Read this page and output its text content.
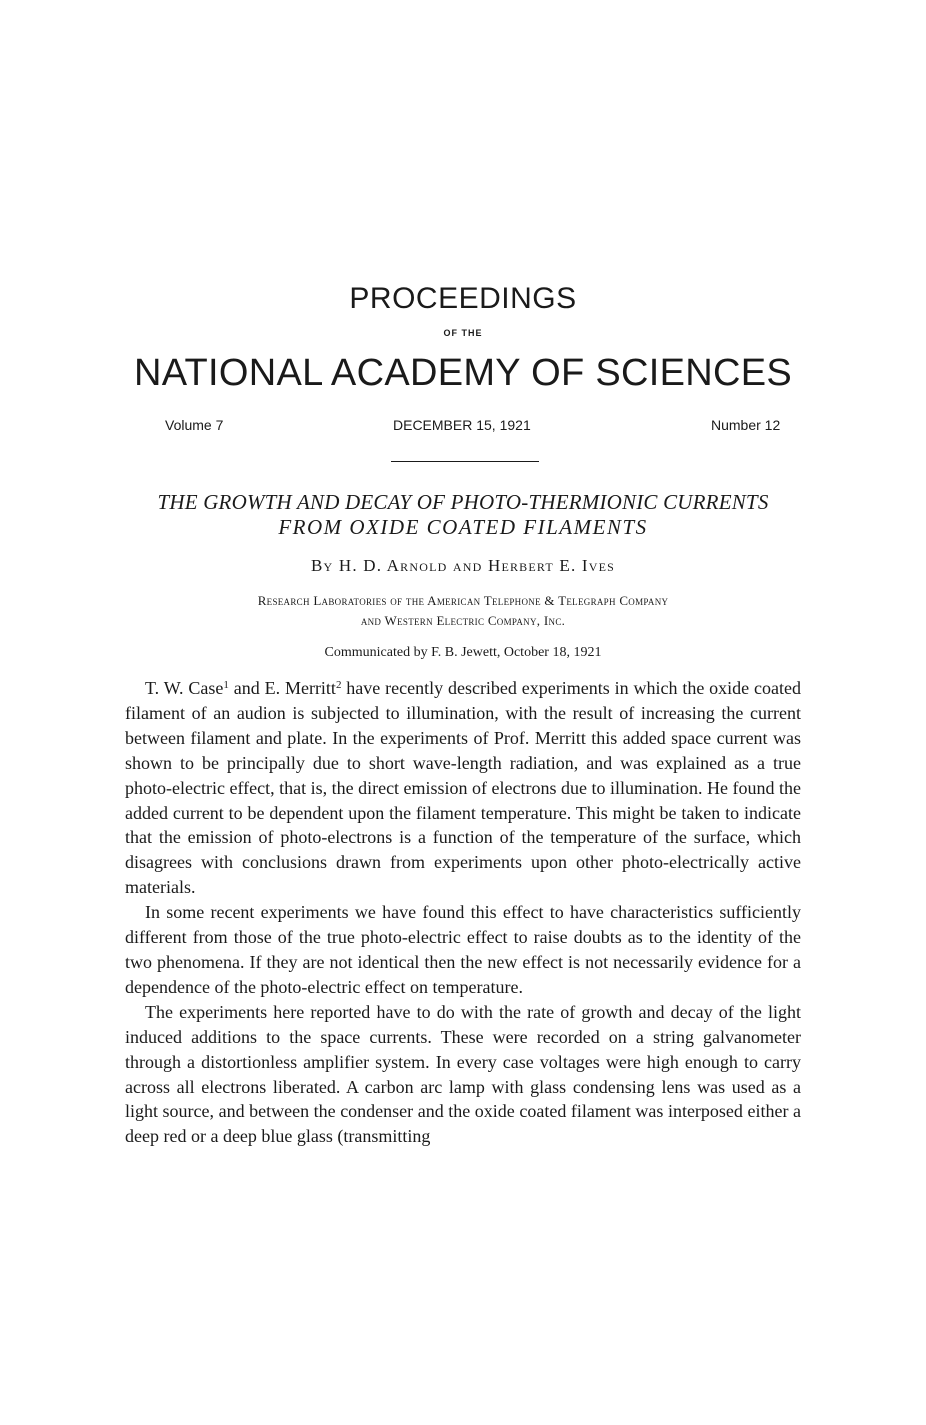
PROCEEDINGS
OF THE
NATIONAL ACADEMY OF SCIENCES
Volume 7	DECEMBER 15, 1921	Number 12
THE GROWTH AND DECAY OF PHOTO-THERMIONIC CURRENTS
FROM OXIDE COATED FILAMENTS
By H. D. Arnold and Herbert E. Ives
Research Laboratories of the American Telephone & Telegraph Company
and Western Electric Company, Inc.
Communicated by F. B. Jewett, October 18, 1921

T. W. Case$^1$ and E. Merritt$^2$ have recently described experiments in which the oxide coated filament of an audion is subjected to illumination, with the result of increasing the current between filament and plate. In the experiments of Prof. Merritt this added space current was shown to be principally due to short wave-length radiation, and was explained as a true photo-electric effect, that is, the direct emission of electrons due to illumination. He found the added current to be dependent upon the filament temperature. This might be taken to indicate that the emission of photo-electrons is a function of the temperature of the surface, which disagrees with conclusions drawn from experiments upon other photo-electrically active materials.

In some recent experiments we have found this effect to have characteristics sufficiently different from those of the true photo-electric effect to raise doubts as to the identity of the two phenomena. If they are not identical then the new effect is not necessarily evidence for a dependence of the photo-electric effect on temperature.

The experiments here reported have to do with the rate of growth and decay of the light induced additions to the space currents. These were recorded on a string galvanometer through a distortionless amplifier system. In every case voltages were high enough to carry across all electrons liberated. A carbon arc lamp with glass condensing lens was used as a light source, and between the condenser and the oxide coated filament was interposed either a deep red or a deep blue glass (transmitting
